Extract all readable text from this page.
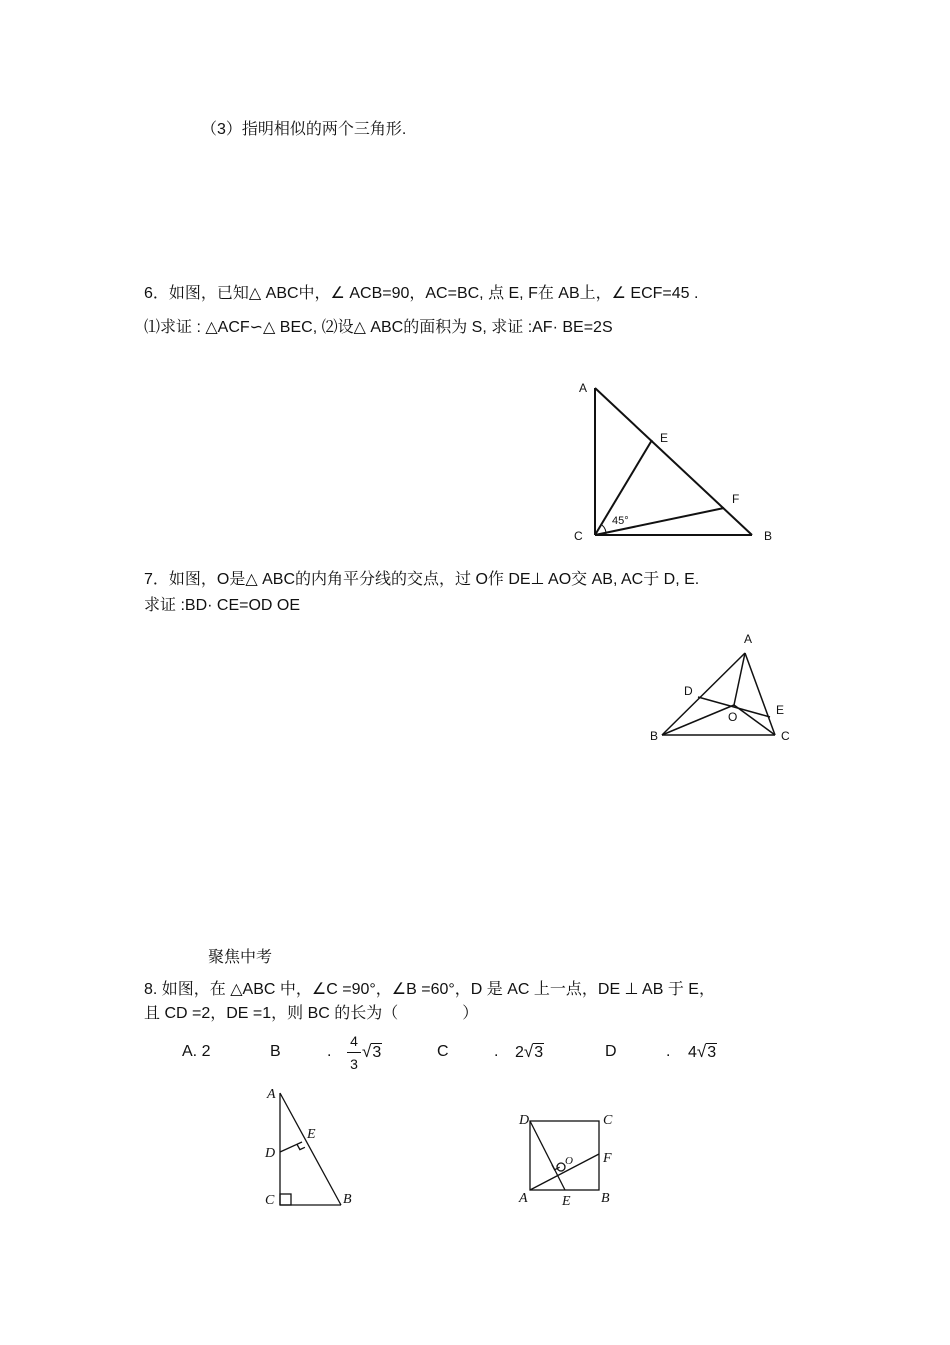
（3）指明相似的两个三角形.
6．如图，已知△ ABC中，∠ ACB=90，AC=BC, 点 E, F在 AB上，∠ ECF=45 .
⑴求证 : △ACF∽△ BEC, ⑵设△ ABC的面积为 S, 求证 :AF· BE=2S
A
E
F
C	B
45°
7．如图，O是△ ABC的内角平分线的交点，过 O作 DE⊥ AO交 AB, AC于 D, E.
求证 :BD· CE=OD OE
A
D
E
O
B	C
聚焦中考
8. 如图，在 △ABC 中，∠C =90°，∠B =60°，D 是 AC 上一点，DE ⊥ AB 于 E，
且 CD =2，DE =1，则 BC 的长为（　　　　）
A. 2	B	.
4
3
√3	C	. 2√3	D	. 4√3
A
E
D
C	B
D	C
F
O
A E B
